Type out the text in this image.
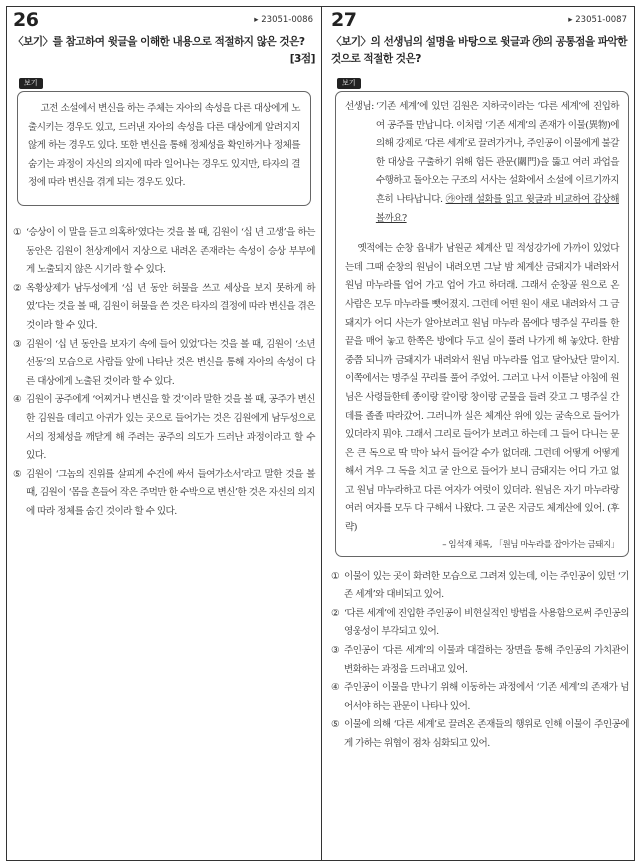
26	▸ 23051-0086

〈보기〉를 참고하여 윗글을 이해한 내용으로 적절하지 않은 것은?

[3점]

보기

고전 소설에서 변신을 하는 주체는 자아의 속성을 다른 대상에게 노출시키는 경우도 있고, 드러낸 자아의 속성을 다른 대상에게 알려지지 않게 하는 경우도 있다. 또한 변신을 통해 정체성을 확인하거나 정체를 숨기는 과정이 자신의 의지에 따라 일어나는 경우도 있지만, 타자의 결정에 따라 변신을 겪게 되는 경우도 있다.

① ‘승상이 이 말을 듣고 의혹하’였다는 것을 볼 때, 김원이 ‘십 년 고생’을 하는 동안은 김원이 천상계에서 지상으로 내려온 존재라는 속성이 승상 부부에게 노출되지 않은 시기라 할 수 있다.
② 옥황상제가 남두성에게 ‘십 년 동안 허물을 쓰고 세상을 보지 못하게 하였’다는 것을 볼 때, 김원이 허물을 쓴 것은 타자의 결정에 따라 변신을 겪은 것이라 할 수 있다.
③ 김원이 ‘십 년 동안을 보자기 속에 들어 있었’다는 것을 볼 때, 김원이 ‘소년 선동’의 모습으로 사람들 앞에 나타난 것은 변신을 통해 자아의 속성이 다른 대상에게 노출된 것이라 할 수 있다.
④ 김원이 공주에게 ‘어찌거나 변신을 할 것’이라 말한 것을 볼 때, 공주가 변신한 김원을 데리고 아귀가 있는 곳으로 들어가는 것은 김원에게 남두성으로서의 정체성을 깨닫게 해 주려는 공주의 의도가 드러난 과정이라고 할 수 있다.
⑤ 김원이 ‘그놈의 진위를 살피게 수건에 싸서 들여가소서’라고 말한 것을 볼 때, 김원이 ‘몸을 흔들어 작은 주먹만 한 수박으로 변신’한 것은 자신의 의지에 따라 정체를 숨긴 것이라 할 수 있다.
27	▸ 23051-0087

〈보기〉의 선생님의 설명을 바탕으로 윗글과 ㉮의 공통점을 파악한 것으로 적절한 것은?

보기
선생님: ‘기존 세계’에 있던 김원은 지하국이라는 ‘다른 세계’에 진입하여 공주를 만납니다. 이처럼 ‘기존 세계’의 존재가 이물(異物)에 의해 강제로 ‘다른 세계’로 끌려가거나, 주인공이 이물에게 불갈한 대상을 구출하기 위해 험든 관문(關門)을 뚫고 여러 과업을 수행하고 돌아오는 구조의 서사는 설화에서 소설에 이르기까지 흔히 나타납니다. ㉮아래 설화를 읽고 윗글과 비교하여 감상해 볼까요?

옛적에는 순창 읍내가 남원군 체계산 밑 적성강가에 가까이 있었다는데 그때 순창의 원님이 내려오면 그날 밤 체계산 금돼지가 내려와서 원님 마누라를 업어 가고 업어 가고 하더래. 그래서 순창골 원으로 온 사람은 모두 마누라를 뺏어졌지. 그런데 어떤 원이 새로 내려와서 그 금돼지가 어디 사는가 알아보려고 원님 마누라 몸에다 명주실 꾸리를 한끝을 매어 놓고 한쪽은 방에다 두고 실이 풀려 나가게 해 놓았다. 한밤중쯤 되니까 금돼지가 내려와서 원님 마누라를 업고 달아났단 말이지. 이쪽에서는 명주실 꾸리를 풀어 주었어. 그러고 나서 이튿날 아침에 원님은 사령들한테 종이랑 칼이랑 창이랑 군물을 들려 갖고 그 명주실 간 데를 졸졸 따라갔어. 그러니까 실은 체계산 위에 있는 굴속으로 들어가 있더라지 뭐야. 그래서 그리로 들어가 보려고 하는데 그 들어 다니는 문은 큰 독으로 딱 막아 놔서 들어갈 수가 없더래. 그런데 어떻게 어떻게 해서 겨우 그 독을 치고 굴 안으로 들어가 보니 금돼지는 어디 가고 없고 원님 마누라하고 다른 여자가 여럿이 있더라. 원님은 자기 마누라랑 여러 여자를 모두 다 구해서 나왔다. 그 굴은 지금도 체계산에 있어. (후략)

– 임석재 채록, 「원님 마누라를 잡아가는 금돼지」

① 이물이 있는 곳이 화려한 모습으로 그려져 있는데, 이는 주인공이 있던 ‘기존 세계’와 대비되고 있어.
② ‘다른 세계’에 진입한 주인공이 비현실적인 방법을 사용함으로써 주인공의 영웅성이 부각되고 있어.
③ 주인공이 ‘다른 세계’의 이물과 대결하는 장면을 통해 주인공의 가치관이 변화하는 과정을 드러내고 있어.
④ 주인공이 이물을 만나기 위해 이동하는 과정에서 ‘기존 세계’의 존재가 넘어서야 하는 관문이 나타나 있어.
⑤ 이물에 의해 ‘다른 세계’로 끌려온 존재들의 행위로 인해 이물이 주인공에게 가하는 위협이 점차 심화되고 있어.
